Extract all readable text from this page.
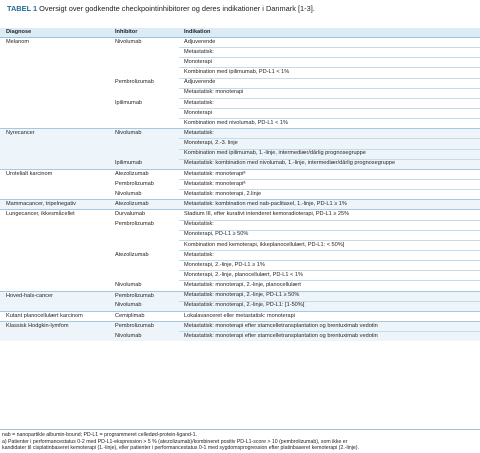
TABEL 1 Oversigt over godkendte checkpointinhibitorer og deres indikationer i Danmark [1-3].
Diagnose	Inhibitor	Indikation
Melanom	Nivolumab	Adjuverende
		Metastatisk:
		Monoterapi
		Kombination med ipilimumab, PD-L1 < 1%
	Pembrolizumab	Adjuverende
		Metastatisk: monoterapi
	Ipilimumab	Metastatisk:
		Monoterapi
		Kombination med nivolumab, PD-L1 < 1%
Nyrecancer	Nivolumab	Metastatisk:
		Monoterapi, 2.-3. linje
		Kombination med ipilimumab, 1.-linje, intermediær/dårlig prognosegruppe
	Ipilimumab	Metastatisk: kombination med nivolumab, 1.-linje, intermediær/dårlig prognosegruppe
Urotelialt karcinom	Atezolizumab	Metastatisk: monoterapiª
	Pembrolizumab	Metastatisk: monoterapiª
	Nivolumab	Metastatisk: monoterapi, 2.linje
Mammacancer, tripelnegativ	Atezolizumab	Metastatisk: kombination med nab-paclitaxel, 1.-linje, PD-L1 ≥ 1%
Lungecancer, ikkesmåcellet	Durvalumab	Stadium III, efter kurativt intenderet kemoradioterapi, PD-L1 ≥ 25%
	Pembrolizumab	Metastatisk:
		Monoterapi, PD-L1 ≥ 50%
		Kombination med kemoterapi, ikkeplanocellulært, PD-L1: < 50%]
	Atezolizumab	Metastatisk:
		Monoterapi, 2.-linje, PD-L1 ≥ 1%
		Monoterapi, 2.-linje, planocellulært, PD-L1 < 1%
	Nivolumab	Metastatisk: monoterapi, 2.-linje, planocellulært
Hoved-hals-cancer	Pembrolizumab	Metastatisk: monoterapi, 2.-linje, PD-L1 ≥ 50%
	Nivolumab	Metastatisk: monoterapi, 2.-linje, PD-L1: [1-50%[
Kutant planocellulært karcinom	Cemiplimab	Lokalavanceret eller metastatisk: monoterapi
Klassisk Hodgkin-lymfom	Pembrolizumab	Metastatisk: monoterapi efter stamcelletransplantation og brentuximab vedotin
	Nivolumab	Metastatisk: monoterapi efter stamcelletransplantation og brentuximab vedotin
nab = nanopartikle albumin-bound; PD-L1 = programmeret celledød-protein-ligand-1.
a) Patienter i performancestatus 0-2 med PD-L1-ekspression > 5 % (atezolizumab)/kombineret positiv PD-L1-score > 10 (pembrolizumab), som ikke er
kandidater til cisplatinbaseret kemoterapi (1.-linje), eller patienter i performancestatus 0-1 med sygdomsprogression efter platinbaseret kemoterapi (2.-linje).
